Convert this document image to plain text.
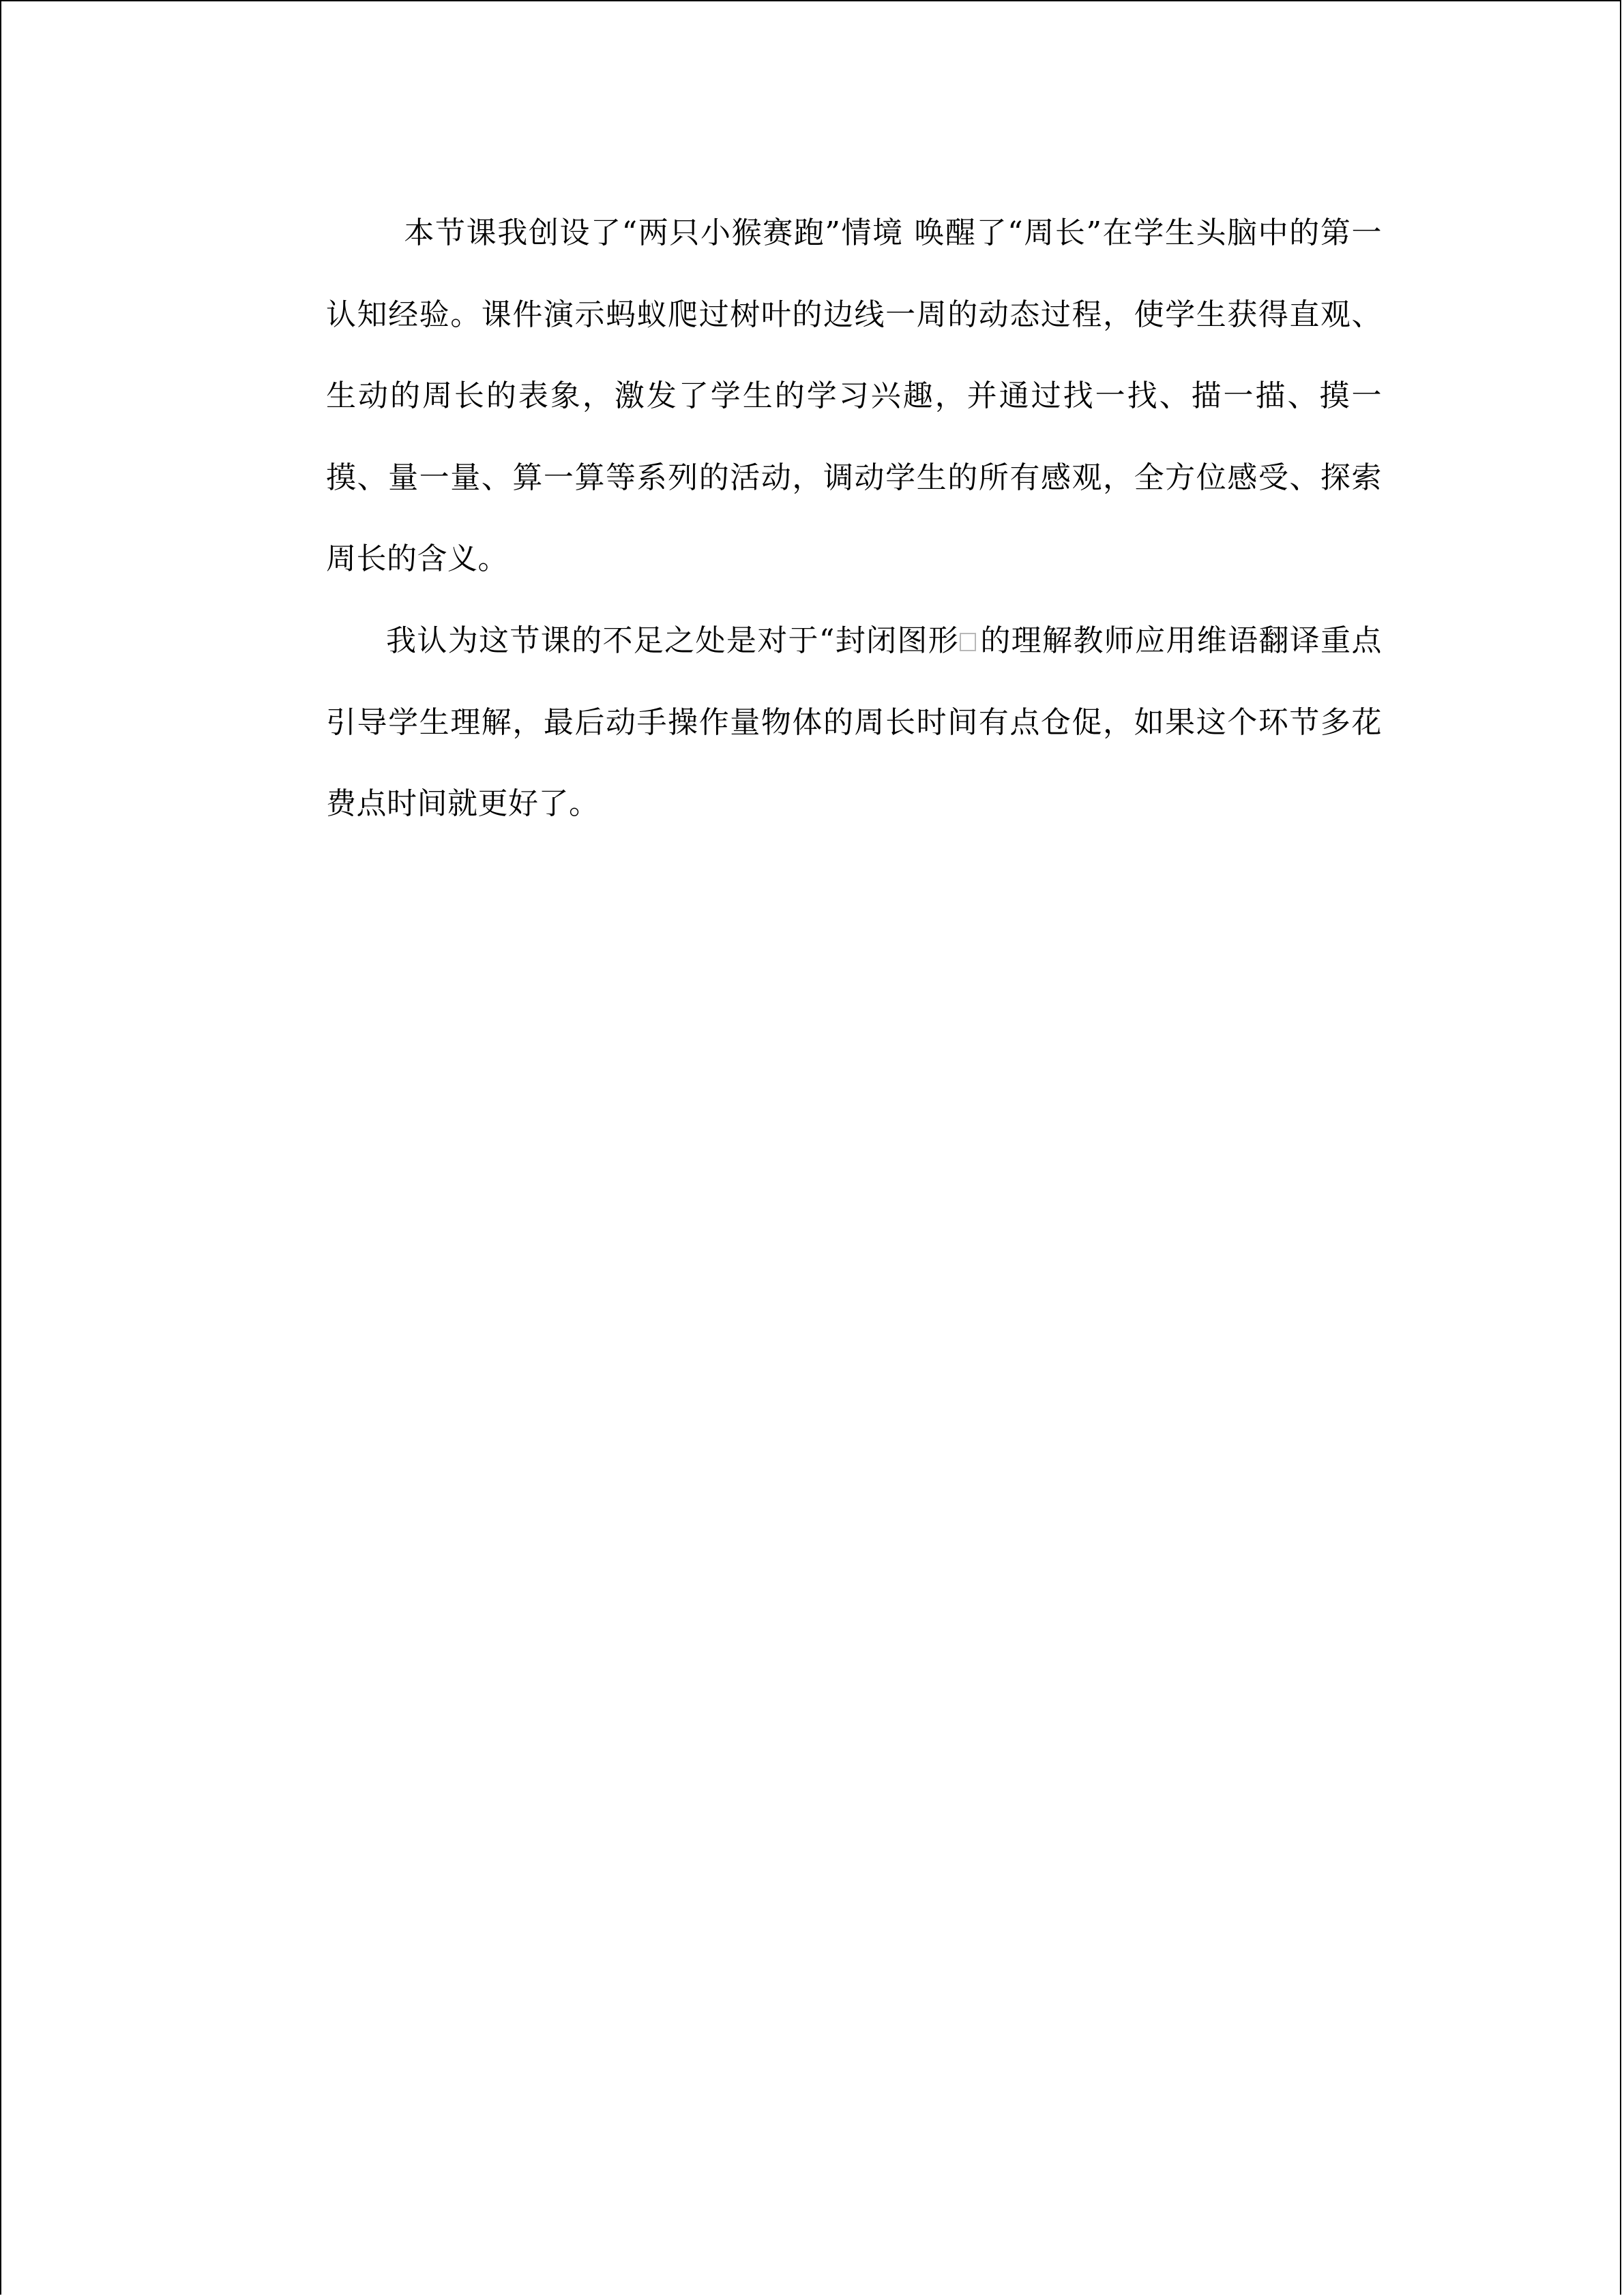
本节课我创设了“两只小猴赛跑”情境 唤醒了“周长”在学生头脑中的第一认知经验。课件演示蚂蚁爬过树叶的边线一周的动态过程，使学生获得直观、生动的周长的表象，激发了学生的学习兴趣，并通过找一找、描一描、摸一摸、量一量、算一算等系列的活动，调动学生的所有感观，全方位感受、探索周长的含义。

我认为这节课的不足之处是对于“封闭图形 的理解教师应用维语翻译重点引导学生理解，最后动手操作量物体的周长时间有点仓促，如果这个环节多花费点时间就更好了。
